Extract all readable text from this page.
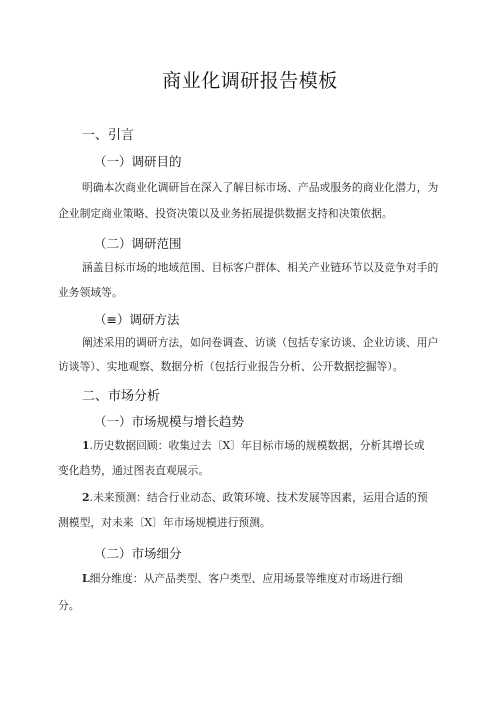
商业化调研报告模板
一、引言
（一）调研目的
明确本次商业化调研旨在深入了解目标市场、产品或服务的商业化潜力，为
企业制定商业策略、投资决策以及业务拓展提供数据支持和决策依据。
（二）调研范围
涵盖目标市场的地域范围、目标客户群体、相关产业链环节以及竞争对手的
业务领域等。
（≡）调研方法
阐述采用的调研方法，如问卷调查、访谈（包括专家访谈、企业访谈、用户
访谈等）、实地观察、数据分析（包括行业报告分析、公开数据挖掘等）。
二、市场分析
（一）市场规模与增长趋势
1.历史数据回顾：收集过去〔X〕年目标市场的规模数据，分析其增长或
变化趋势，通过图表直观展示。
2.未来预测：结合行业动态、政策环境、技术发展等因素，运用合适的预
测模型，对未来〔X〕年市场规模进行预测。
（二）市场细分
L细分维度：从产品类型、客户类型、应用场景等维度对市场进行细
分。
